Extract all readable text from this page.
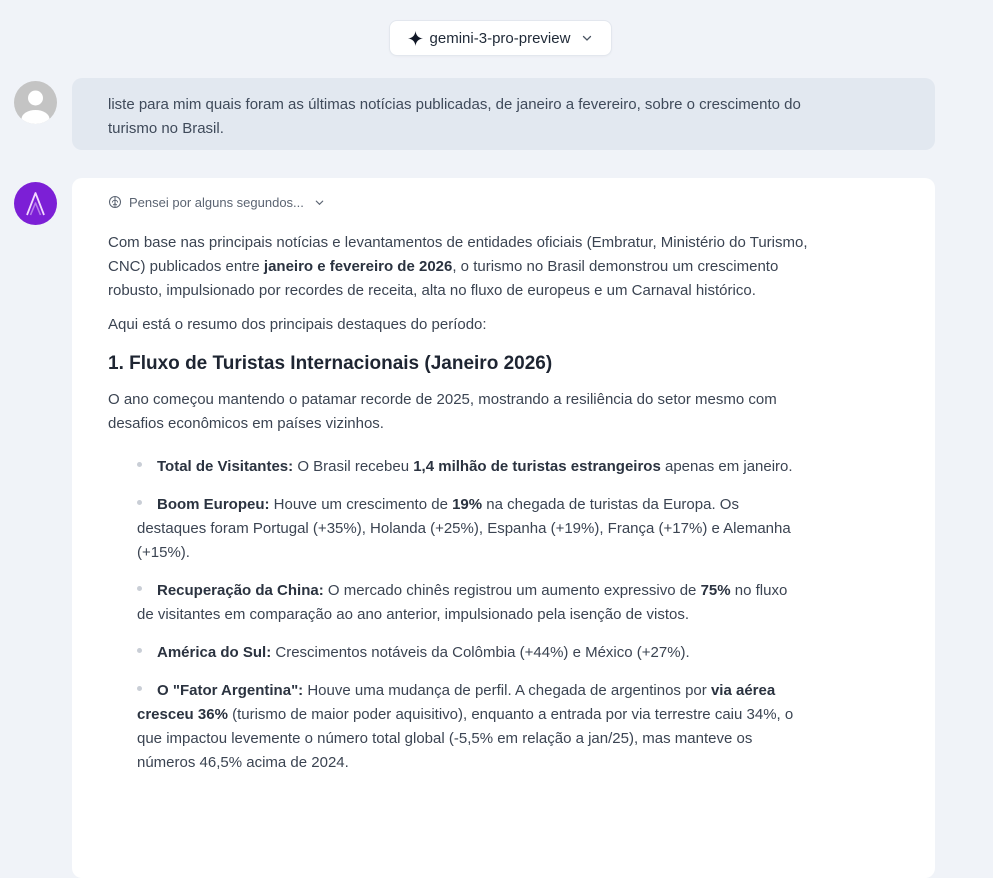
gemini-3-pro-preview

liste para mim quais foram as últimas notícias publicadas, de janeiro a fevereiro, sobre o crescimento do turismo no Brasil.

Pensei por alguns segundos...

Com base nas principais notícias e levantamentos de entidades oficiais (Embratur, Ministério do Turismo, CNC) publicados entre janeiro e fevereiro de 2026, o turismo no Brasil demonstrou um crescimento robusto, impulsionado por recordes de receita, alta no fluxo de europeus e um Carnaval histórico.

Aqui está o resumo dos principais destaques do período:

1. Fluxo de Turistas Internacionais (Janeiro 2026)

O ano começou mantendo o patamar recorde de 2025, mostrando a resiliência do setor mesmo com desafios econômicos em países vizinhos.

Total de Visitantes: O Brasil recebeu 1,4 milhão de turistas estrangeiros apenas em janeiro.
Boom Europeu: Houve um crescimento de 19% na chegada de turistas da Europa. Os destaques foram Portugal (+35%), Holanda (+25%), Espanha (+19%), França (+17%) e Alemanha (+15%).
Recuperação da China: O mercado chinês registrou um aumento expressivo de 75% no fluxo de visitantes em comparação ao ano anterior, impulsionado pela isenção de vistos.
América do Sul: Crescimentos notáveis da Colômbia (+44%) e México (+27%).
O "Fator Argentina": Houve uma mudança de perfil. A chegada de argentinos por via aérea cresceu 36% (turismo de maior poder aquisitivo), enquanto a entrada por via terrestre caiu 34%, o que impactou levemente o número total global (-5,5% em relação a jan/25), mas manteve os números 46,5% acima de 2024.
